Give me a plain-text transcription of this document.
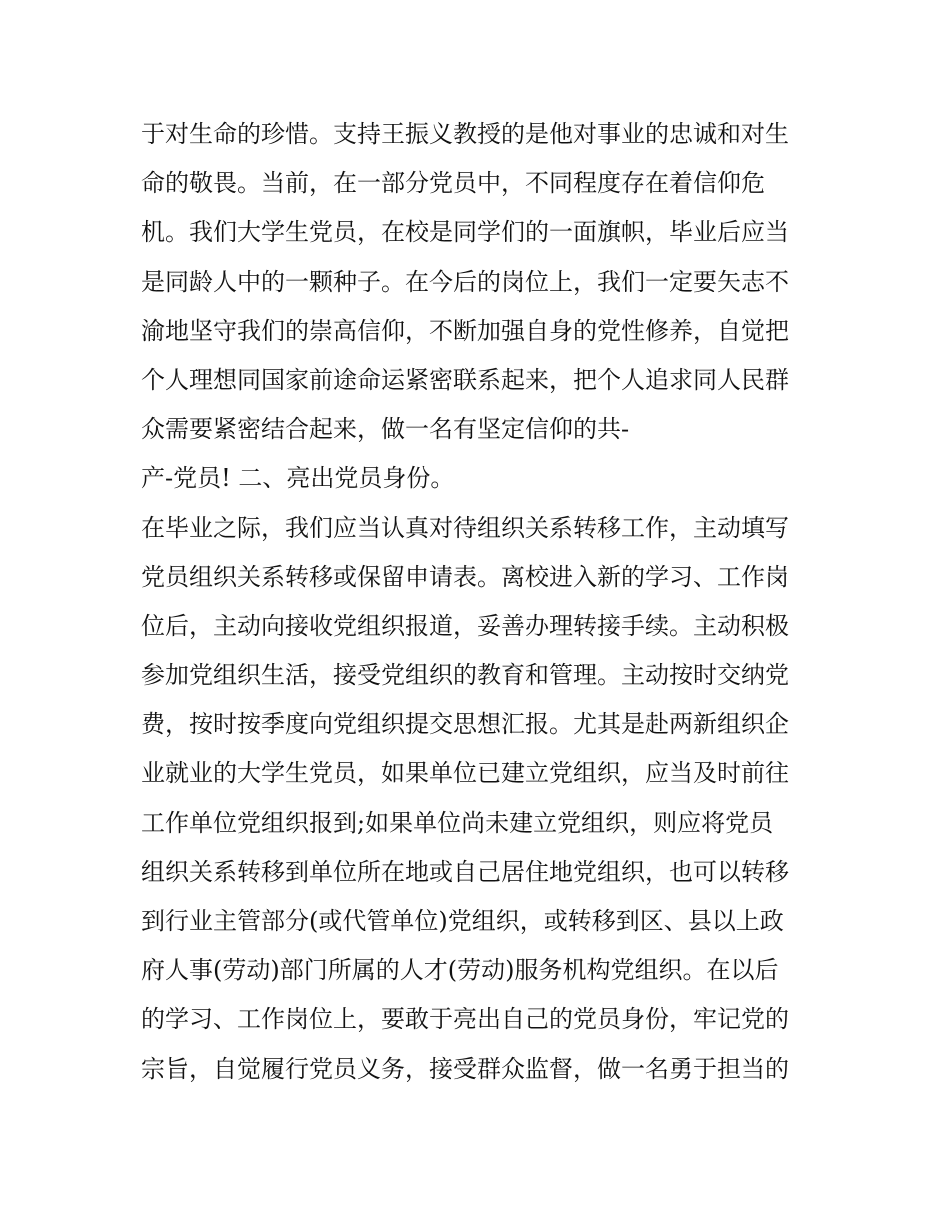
于对生命的珍惜。支持王振义教授的是他对事业的忠诚和对生
命的敬畏。当前，在一部分党员中，不同程度存在着信仰危
机。我们大学生党员，在校是同学们的一面旗帜，毕业后应当
是同龄人中的一颗种子。在今后的岗位上，我们一定要矢志不
渝地坚守我们的崇高信仰，不断加强自身的党性修养，自觉把
个人理想同国家前途命运紧密联系起来，把个人追求同人民群
众需要紧密结合起来，做一名有坚定信仰的共-
产-党员! 二、亮出党员身份。
在毕业之际，我们应当认真对待组织关系转移工作，主动填写
党员组织关系转移或保留申请表。离校进入新的学习、工作岗
位后，主动向接收党组织报道，妥善办理转接手续。主动积极
参加党组织生活，接受党组织的教育和管理。主动按时交纳党
费，按时按季度向党组织提交思想汇报。尤其是赴两新组织企
业就业的大学生党员，如果单位已建立党组织，应当及时前往
工作单位党组织报到;如果单位尚未建立党组织，则应将党员
组织关系转移到单位所在地或自己居住地党组织，也可以转移
到行业主管部分(或代管单位)党组织，或转移到区、县以上政
府人事(劳动)部门所属的人才(劳动)服务机构党组织。在以后
的学习、工作岗位上，要敢于亮出自己的党员身份，牢记党的
宗旨，自觉履行党员义务，接受群众监督，做一名勇于担当的
